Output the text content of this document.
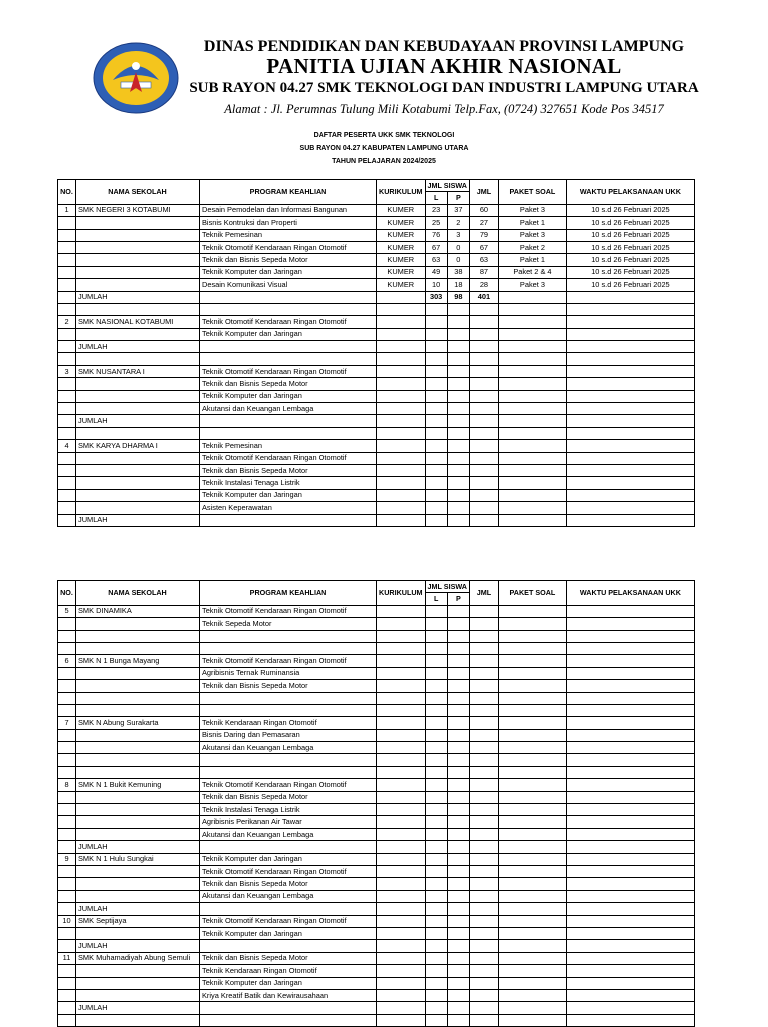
DINAS PENDIDIKAN DAN KEBUDAYAAN PROVINSI LAMPUNG
PANITIA UJIAN AKHIR NASIONAL
SUB RAYON 04.27 SMK TEKNOLOGI DAN INDUSTRI LAMPUNG UTARA
Alamat : Jl. Perumnas Tulung Mili Kotabumi Telp.Fax, (0724) 327651 Kode Pos 34517
DAFTAR PESERTA UKK SMK TEKNOLOGI
SUB RAYON 04.27 KABUPATEN LAMPUNG UTARA
TAHUN PELAJARAN 2024/2025
NO.	NAMA SEKOLAH	PROGRAM KEAHLIAN	KURIKULUM	JML SISWA		JML	PAKET SOAL	WAKTU PELAKSANAAN UKK
				L	P			
1	SMK NEGERI 3 KOTABUMI	Desain Pemodelan dan Informasi Bangunan	KUMER	23	37	60	Paket 3	10 s.d 26 Februari 2025
		Bisnis Kontruksi dan Properti	KUMER	25	2	27	Paket 1	10 s.d 26 Februari 2025
		Teknik Pemesinan	KUMER	76	3	79	Paket 3	10 s.d 26 Februari 2025
		Teknik Otomotif Kendaraan Ringan Otomotif	KUMER	67	0	67	Paket 2	10 s.d 26 Februari 2025
		Teknik dan Bisnis Sepeda Motor	KUMER	63	0	63	Paket 1	10 s.d 26 Februari 2025
		Teknik Komputer dan Jaringan	KUMER	49	38	87	Paket 2 & 4	10 s.d 26 Februari 2025
		Desain Komunikasi Visual	KUMER	10	18	28	Paket 3	10 s.d 26 Februari 2025
	JUMLAH			303	98	401		

2	SMK NASIONAL KOTABUMI	Teknik Otomotif Kendaraan Ringan Otomotif						
		Teknik Komputer dan Jaringan						
	JUMLAH							

3	SMK NUSANTARA I	Teknik Otomotif Kendaraan Ringan Otomotif						
		Teknik dan Bisnis Sepeda Motor						
		Teknik Komputer dan Jaringan						
		Akutansi dan Keuangan Lembaga						
	JUMLAH							

4	SMK KARYA DHARMA I	Teknik Pemesinan						
		Teknik Otomotif Kendaraan Ringan Otomotif						
		Teknik dan Bisnis Sepeda Motor						
		Teknik Instalasi Tenaga Listrik						
		Teknik Komputer dan Jaringan						
		Asisten Keperawatan						
	JUMLAH							
NO.	NAMA SEKOLAH	PROGRAM KEAHLIAN	KURIKULUM	JML SISWA		JML	PAKET SOAL	WAKTU PELAKSANAAN UKK
				L	P			
5	SMK DINAMIKA	Teknik Otomotif Kendaraan Ringan Otomotif						
		Teknik Sepeda Motor						

6	SMK N 1 Bunga Mayang	Teknik Otomotif Kendaraan Ringan Otomotif						
		Agribisnis Ternak Ruminansia						
		Teknik dan Bisnis Sepeda Motor						

7	SMK N Abung Surakarta	Teknik Kendaraan Ringan Otomotif						
		Bisnis Daring dan Pemasaran						
		Akutansi dan Keuangan Lembaga						

8	SMK N 1 Bukit Kemuning	Teknik Otomotif Kendaraan Ringan Otomotif						
		Teknik dan Bisnis Sepeda Motor						
		Teknik Instalasi Tenaga Listrik						
		Agribisnis Perikanan Air Tawar						
		Akutansi dan Keuangan Lembaga						
	JUMLAH							
9	SMK N 1 Hulu Sungkai	Teknik Komputer dan Jaringan						
		Teknik Otomotif Kendaraan Ringan Otomotif						
		Teknik dan Bisnis Sepeda Motor						
		Akutansi dan Keuangan Lembaga						
	JUMLAH							
10	SMK Septijaya	Teknik Otomotif Kendaraan Ringan Otomotif						
		Teknik Komputer dan Jaringan						
	JUMLAH							
11	SMK Muhamadiyah Abung Semuli	Teknik dan Bisnis Sepeda Motor						
		Teknik Kendaraan Ringan Otomotif						
		Teknik Komputer dan Jaringan						
		Kriya Kreatif Batik dan Kewirausahaan						
	JUMLAH							
